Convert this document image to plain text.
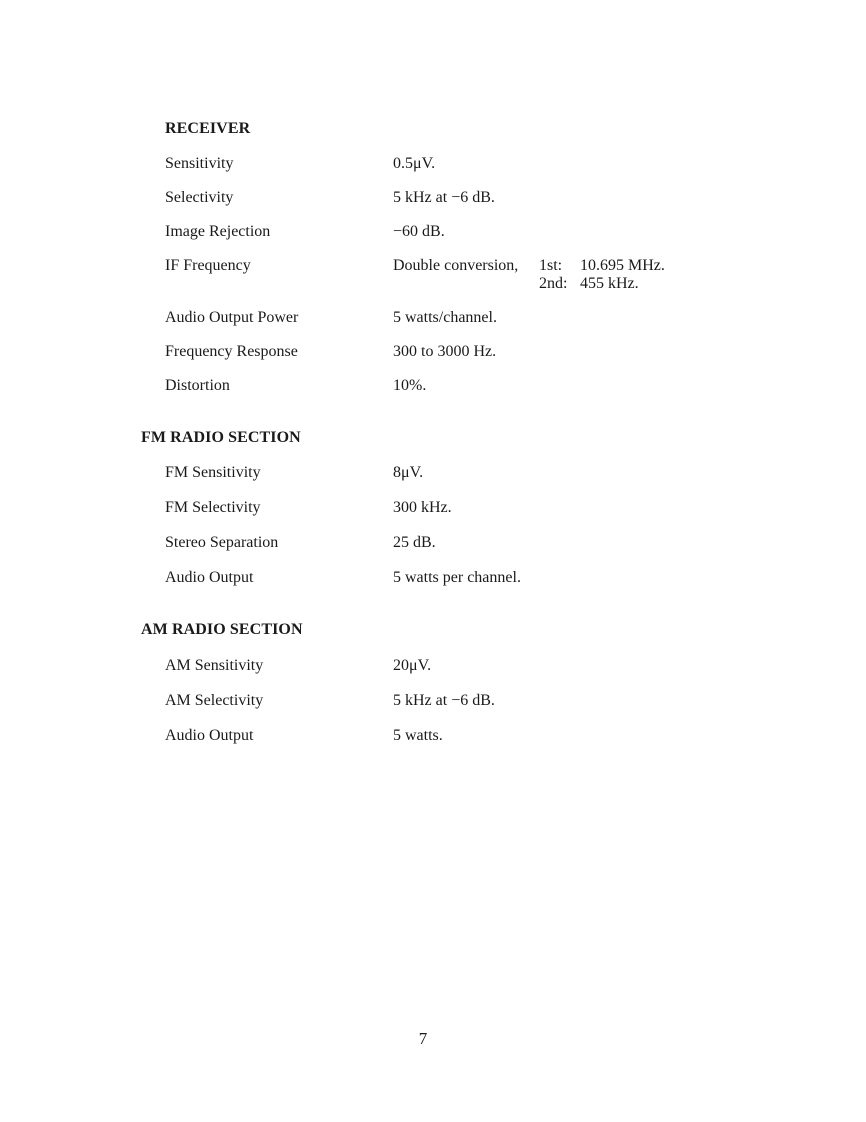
RECEIVER
Sensitivity	0.5μV.
Selectivity	5 kHz at −6 dB.
Image Rejection	−60 dB.
IF Frequency	Double conversion, 1st: 10.695 MHz.
2nd: 455 kHz.
Audio Output Power	5 watts/channel.
Frequency Response	300 to 3000 Hz.
Distortion	10%.
FM RADIO SECTION
FM Sensitivity	8μV.
FM Selectivity	300 kHz.
Stereo Separation	25 dB.
Audio Output	5 watts per channel.
AM RADIO SECTION
AM Sensitivity	20μV.
AM Selectivity	5 kHz at −6 dB.
Audio Output	5 watts.
7
